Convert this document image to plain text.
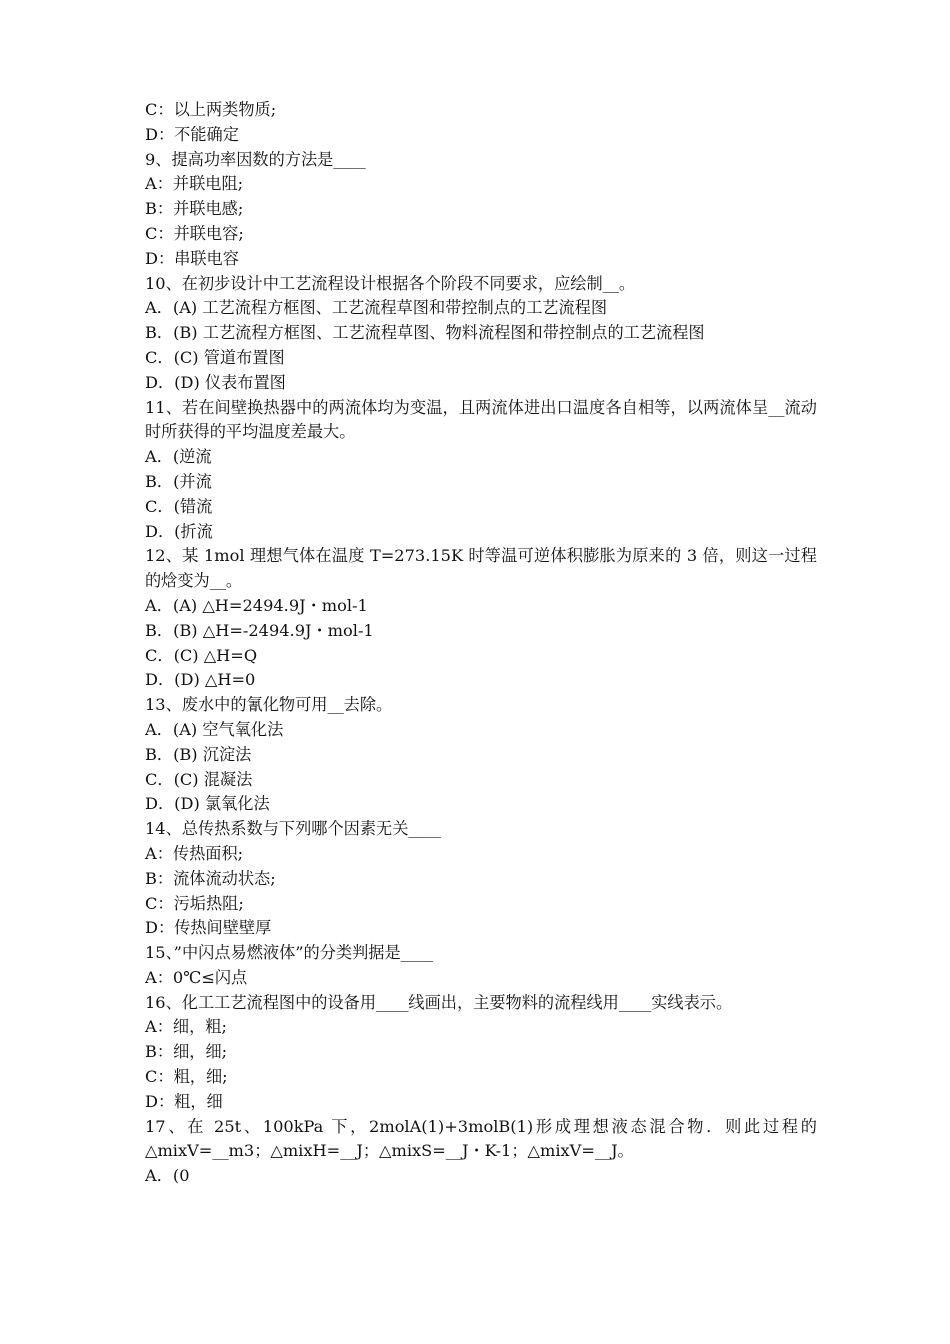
C：以上两类物质;
D：不能确定
9、提高功率因数的方法是____
A：并联电阻;
B：并联电感;
C：并联电容;
D：串联电容
10、在初步设计中工艺流程设计根据各个阶段不同要求，应绘制__。
A．(A) 工艺流程方框图、工艺流程草图和带控制点的工艺流程图
B．(B) 工艺流程方框图、工艺流程草图、物料流程图和带控制点的工艺流程图
C．(C) 管道布置图
D．(D) 仪表布置图
11、若在间壁换热器中的两流体均为变温，且两流体进出口温度各自相等，以两流体呈__流动时所获得的平均温度差最大。
A．(逆流
B．(并流
C．(错流
D．(折流
12、某 1mol 理想气体在温度 T=273.15K 时等温可逆体积膨胀为原来的 3 倍，则这一过程的焓变为__。
A．(A) △H=2494.9J・mol-1
B．(B) △H=-2494.9J・mol-1
C．(C) △H=Q
D．(D) △H=0
13、废水中的氰化物可用__去除。
A．(A) 空气氧化法
B．(B) 沉淀法
C．(C) 混凝法
D．(D) 氯氧化法
14、总传热系数与下列哪个因素无关____
A：传热面积;
B：流体流动状态;
C：污垢热阻;
D：传热间壁壁厚
15、”中闪点易燃液体”的分类判据是____
A：0℃≤闪点
16、化工工艺流程图中的设备用____线画出，主要物料的流程线用____实线表示。
A：细，粗;
B：细，细;
C：粗，细;
D：粗，细
17、在 25t、100kPa 下，2molA(1)+3molB(1)形成理想液态混合物．则此过程的△mixV=__m3；△mixH=__J；△mixS=__J・K-1；△mixV=__J。
A．(0
